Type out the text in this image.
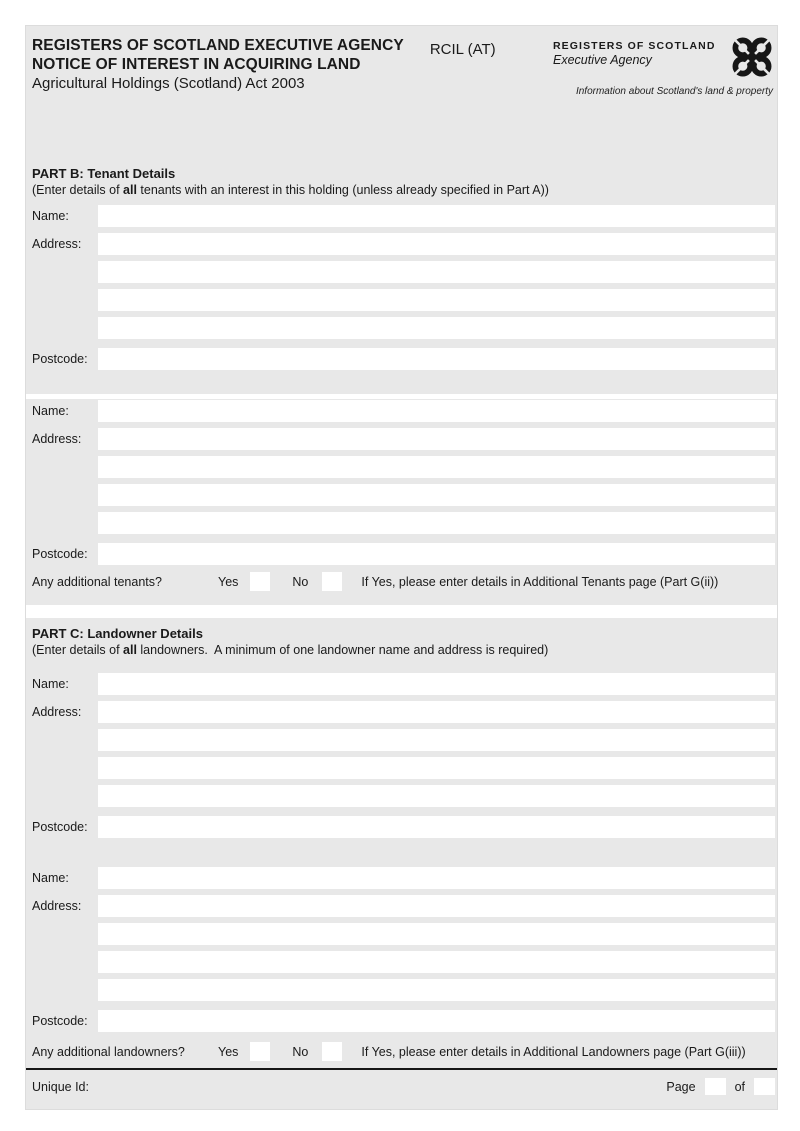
REGISTERS OF SCOTLAND EXECUTIVE AGENCY
NOTICE OF INTEREST IN ACQUIRING LAND
Agricultural Holdings (Scotland) Act 2003
RCIL (AT)	REGISTERS OF SCOTLAND
Executive Agency
Information about Scotland's land & property
PART B: Tenant Details
(Enter details of all tenants with an interest in this holding (unless already specified in Part A))
Name:
Address:
Postcode:
Name:
Address:
Postcode:
Any additional tenants?	Yes	No	If Yes, please enter details in Additional Tenants page (Part G(ii))
PART C: Landowner Details
(Enter details of all landowners.  A minimum of one landowner name and address is required)
Name:
Address:
Postcode:
Name:
Address:
Postcode:
Any additional landowners?	Yes	No	If Yes, please enter details in Additional Landowners page (Part G(iii))
Unique Id:	Page	of
